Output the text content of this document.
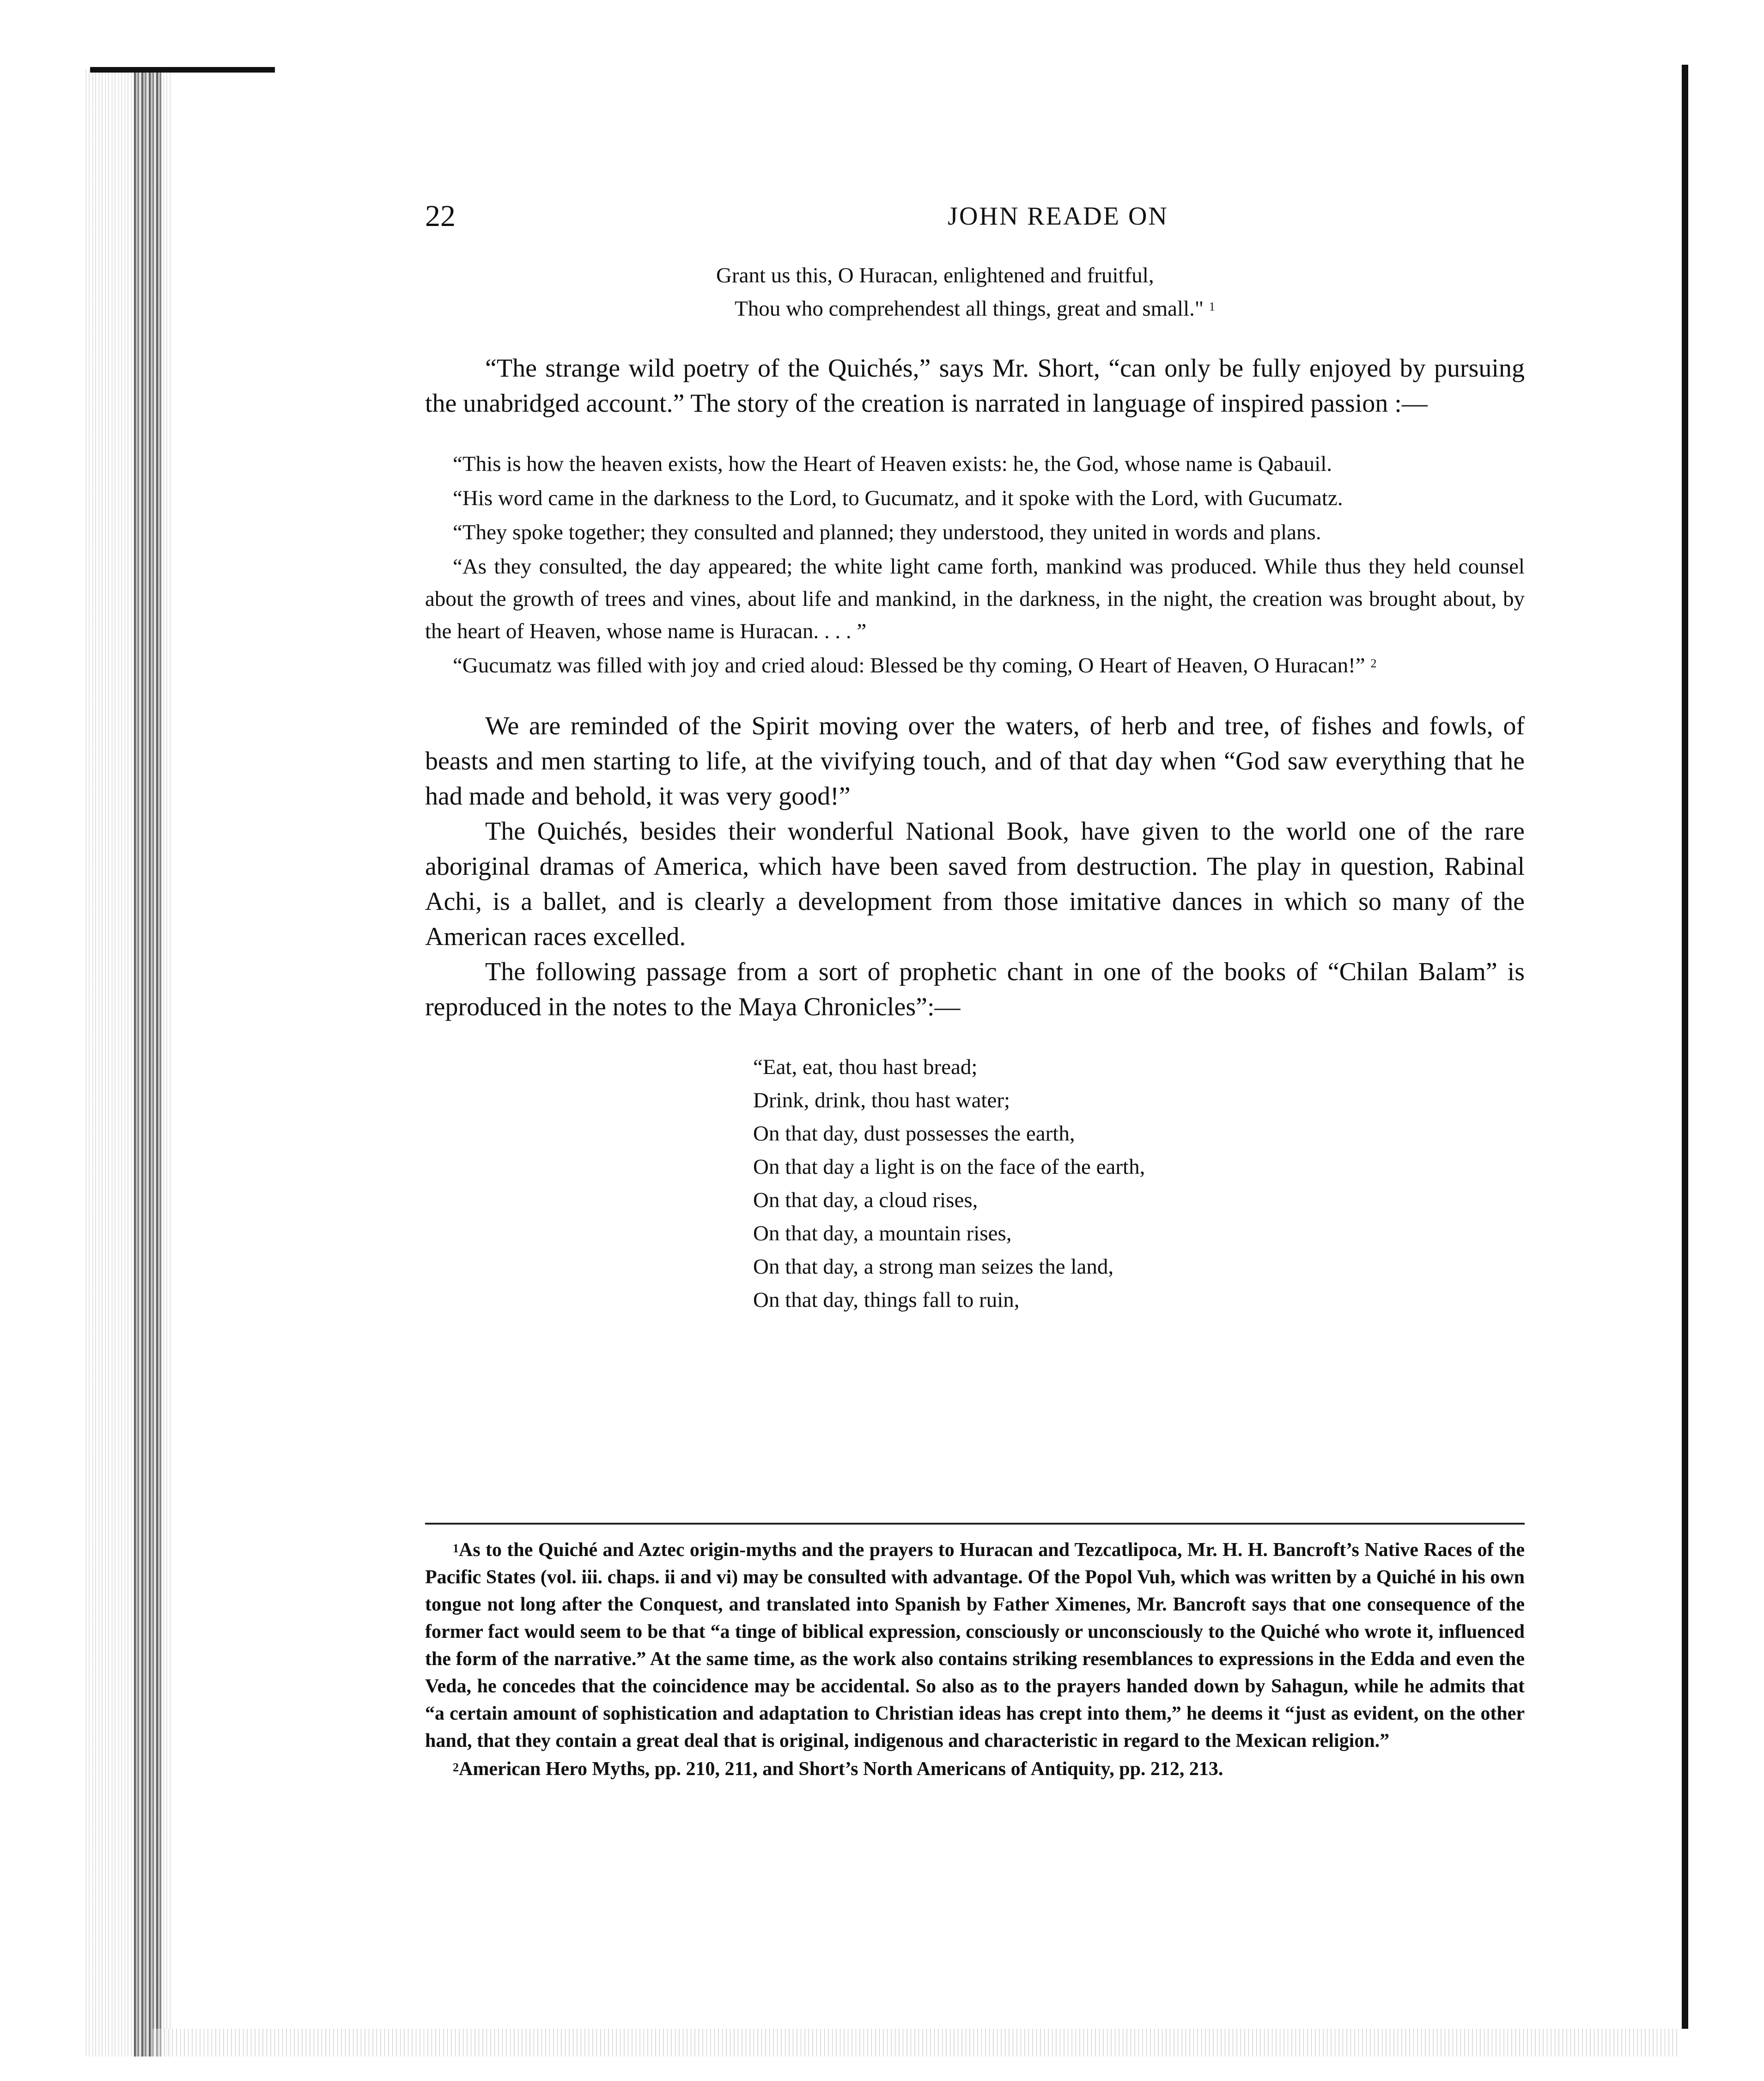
22	JOHN READE ON
Grant us this, O Huracan, enlightened and fruitful,
Thou who comprehendest all things, great and small." $^1$

“The strange wild poetry of the Quichés,” says Mr. Short, “can only be fully enjoyed by pursuing the unabridged account.” The story of the creation is narrated in language of inspired passion :—

“This is how the heaven exists, how the Heart of Heaven exists: he, the God, whose name is Qabauil.

“His word came in the darkness to the Lord, to Gucumatz, and it spoke with the Lord, with Gucumatz.

“They spoke together; they consulted and planned; they understood, they united in words and plans.

“As they consulted, the day appeared; the white light came forth, mankind was produced. While thus they held counsel about the growth of trees and vines, about life and mankind, in the darkness, in the night, the creation was brought about, by the heart of Heaven, whose name is Huracan. . . . ”

“Gucumatz was filled with joy and cried aloud: Blessed be thy coming, O Heart of Heaven, O Huracan!” $^2$

We are reminded of the Spirit moving over the waters, of herb and tree, of fishes and fowls, of beasts and men starting to life, at the vivifying touch, and of that day when “God saw everything that he had made and behold, it was very good!”

The Quichés, besides their wonderful National Book, have given to the world one of the rare aboriginal dramas of America, which have been saved from destruction. The play in question, Rabinal Achi, is a ballet, and is clearly a development from those imitative dances in which so many of the American races excelled.

The following passage from a sort of prophetic chant in one of the books of “Chilan Balam” is reproduced in the notes to the Maya Chronicles”:—

“Eat, eat, thou hast bread;
Drink, drink, thou hast water;
On that day, dust possesses the earth,
On that day a light is on the face of the earth,
On that day, a cloud rises,
On that day, a mountain rises,
On that day, a strong man seizes the land,
On that day, things fall to ruin,

$^1$As to the Quiché and Aztec origin-myths and the prayers to Huracan and Tezcatlipoca, Mr. H. H. Bancroft’s Native Races of the Pacific States (vol. iii. chaps. ii and vi) may be consulted with advantage. Of the Popol Vuh, which was written by a Quiché in his own tongue not long after the Conquest, and translated into Spanish by Father Ximenes, Mr. Bancroft says that one consequence of the former fact would seem to be that “a tinge of biblical expression, consciously or unconsciously to the Quiché who wrote it, influenced the form of the narrative.” At the same time, as the work also contains striking resemblances to expressions in the Edda and even the Veda, he concedes that the coincidence may be accidental. So also as to the prayers handed down by Sahagun, while he admits that “a certain amount of sophistication and adaptation to Christian ideas has crept into them,” he deems it “just as evident, on the other hand, that they contain a great deal that is original, indigenous and characteristic in regard to the Mexican religion.”

$^2$American Hero Myths, pp. 210, 211, and Short’s North Americans of Antiquity, pp. 212, 213.
